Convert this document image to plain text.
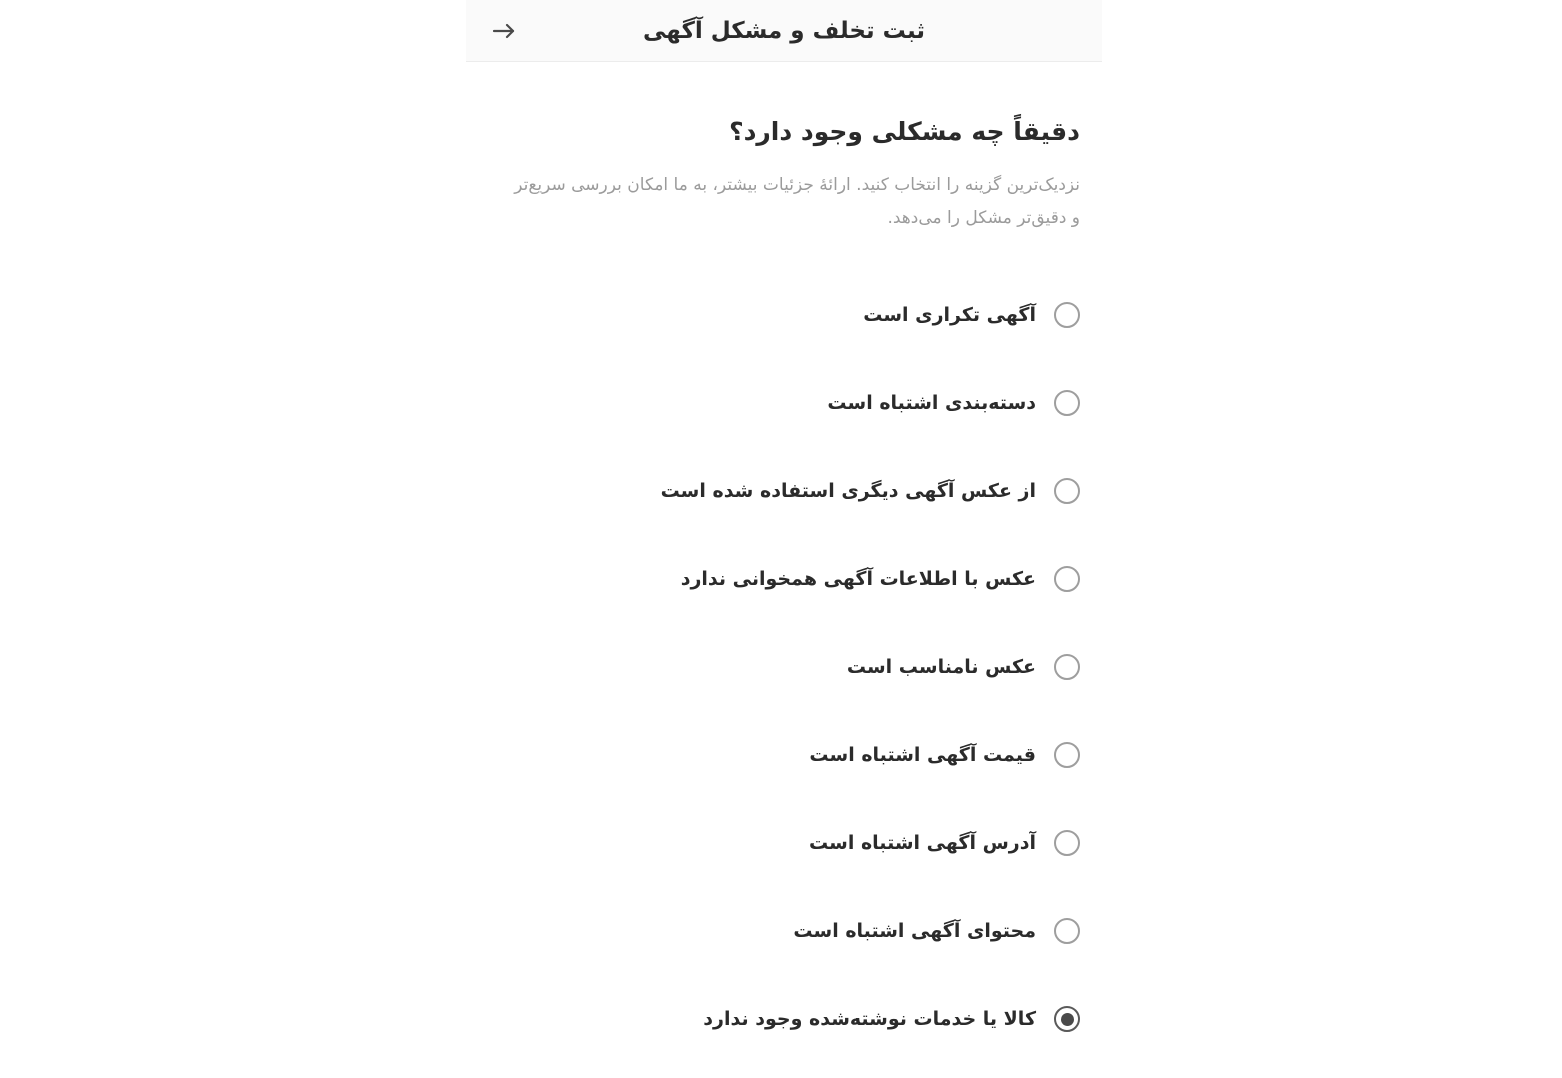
ثبت تخلف و مشکل آگهی
دقیقاً چه مشکلی وجود دارد؟
نزدیک‌ترین گزینه را انتخاب کنید. ارائهٔ جزئیات بیشتر، به ما امکان بررسی سریع‌تر و دقیق‌تر مشکل را می‌دهد.
آگهی تکراری است
دسته‌بندی اشتباه است
از عکس آگهی دیگری استفاده شده است
عکس با اطلاعات آگهی همخوانی ندارد
عکس نامناسب است
قیمت آگهی اشتباه است
آدرس آگهی اشتباه است
محتوای آگهی اشتباه است
کالا یا خدمات نوشته‌شده وجود ندارد
